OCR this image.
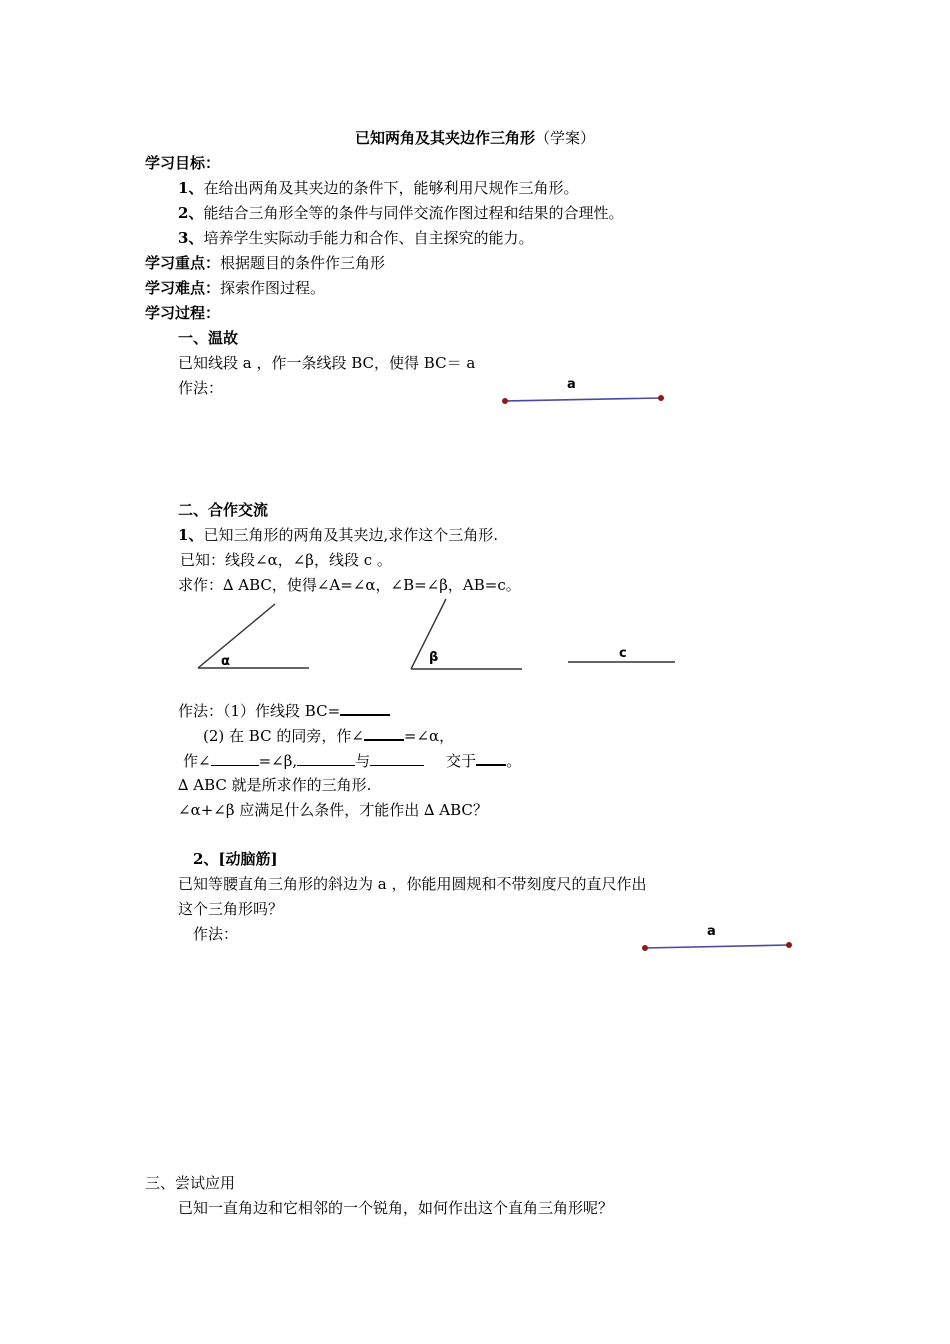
已知两角及其夹边作三角形（学案）
学习目标：
1、在给出两角及其夹边的条件下，能够利用尺规作三角形。
2、能结合三角形全等的条件与同伴交流作图过程和结果的合理性。
3、培养学生实际动手能力和合作、自主探究的能力。
学习重点：根据题目的条件作三角形
学习难点：探索作图过程。
学习过程：
一、温故
已知线段 a ，作一条线段 BC，使得 BC＝ a
作法：	a
二、合作交流
1、已知三角形的两角及其夹边,求作这个三角形.
已知：线段∠α，∠β，线段 c 。
求作：∆ ABC，使得∠A=∠α，∠B=∠β，AB=c。
α	β	c
作法：（1）作线段 BC=
(2) 在 BC 的同旁，作∠	=∠α，
作∠	=∠β,	与	交于 。
∆ ABC 就是所求作的三角形.
∠α+∠β 应满足什么条件，才能作出 ∆ ABC？
2、[动脑筋]
已知等腰直角三角形的斜边为 a ，你能用圆规和不带刻度尺的直尺作出
这个三角形吗？
作法：	a
三、尝试应用
已知一直角边和它相邻的一个锐角，如何作出这个直角三角形呢？
